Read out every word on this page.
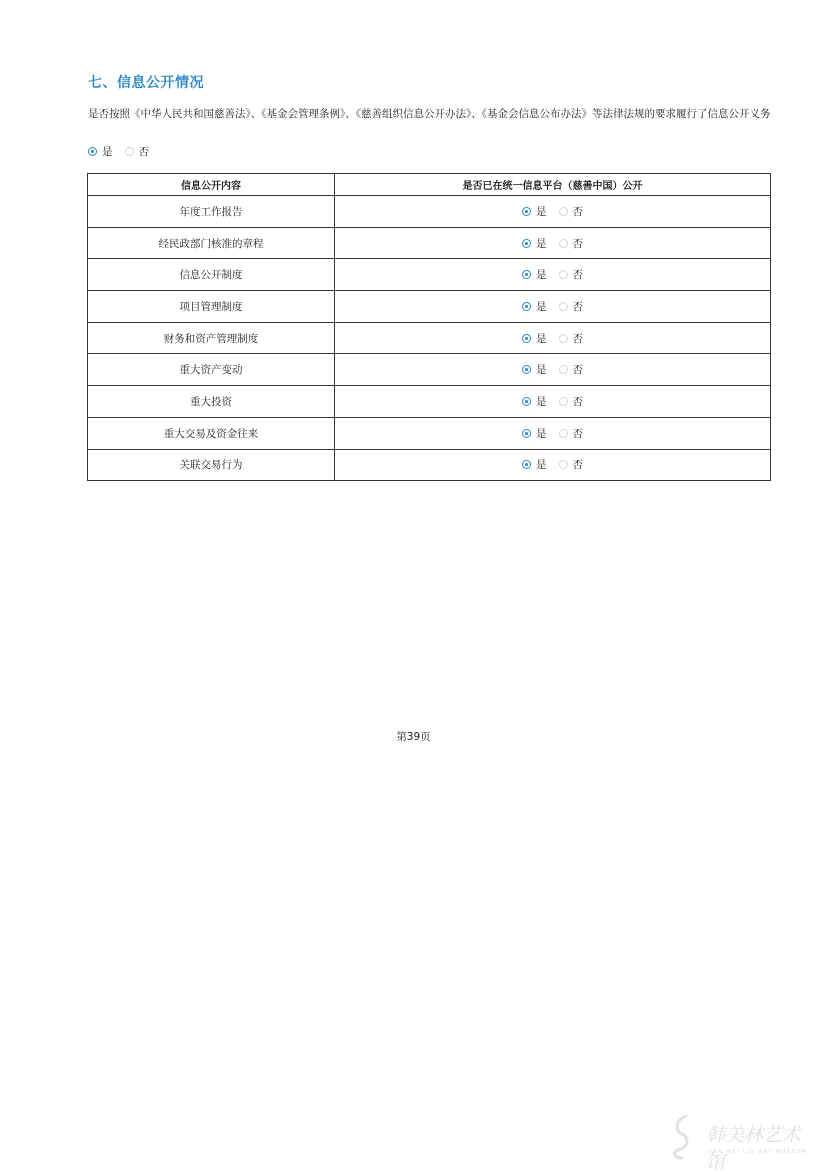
七、信息公开情况
是否按照《中华人民共和国慈善法》、《基金会管理条例》、《慈善组织信息公开办法》、《基金会信息公布办法》等法律法规的要求履行了信息公开义务
是 否
信息公开内容	是否已在统一信息平台（慈善中国）公开
年度工作报告	是 否

经民政部门核准的章程	是 否

信息公开制度	是 否

项目管理制度	是 否

财务和资产管理制度	是 否

重大资产变动	是 否

重大投资	是 否

重大交易及资金往来	是 否

关联交易行为	是 否
第39页
韩美林艺术馆
HAN MEI LIN ART MUSEUM
